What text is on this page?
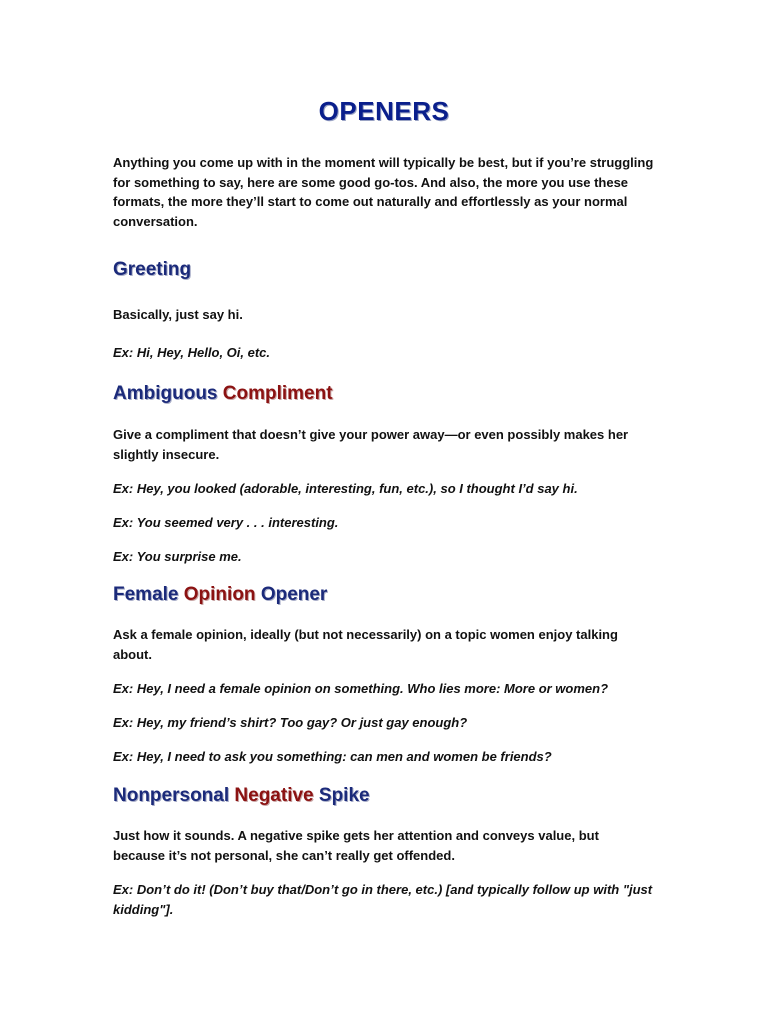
OPENERS

Anything you come up with in the moment will typically be best, but if you’re struggling for something to say, here are some good go-tos. And also, the more you use these formats, the more they’ll start to come out naturally and effortlessly as your normal conversation.

Greeting

Basically, just say hi.

Ex: Hi, Hey, Hello, Oi, etc.

Ambiguous Compliment

Give a compliment that doesn’t give your power away—or even possibly makes her slightly insecure.

Ex: Hey, you looked (adorable, interesting, fun, etc.), so I thought I’d say hi.

Ex: You seemed very . . . interesting.

Ex: You surprise me.

Female Opinion Opener

Ask a female opinion, ideally (but not necessarily) on a topic women enjoy talking about.

Ex: Hey, I need a female opinion on something. Who lies more: More or women?

Ex: Hey, my friend’s shirt? Too gay? Or just gay enough?

Ex: Hey, I need to ask you something: can men and women be friends?

Nonpersonal Negative Spike

Just how it sounds. A negative spike gets her attention and conveys value, but because it’s not personal, she can’t really get offended.

Ex: Don’t do it! (Don’t buy that/Don’t go in there, etc.) [and typically follow up with "just kidding"].
